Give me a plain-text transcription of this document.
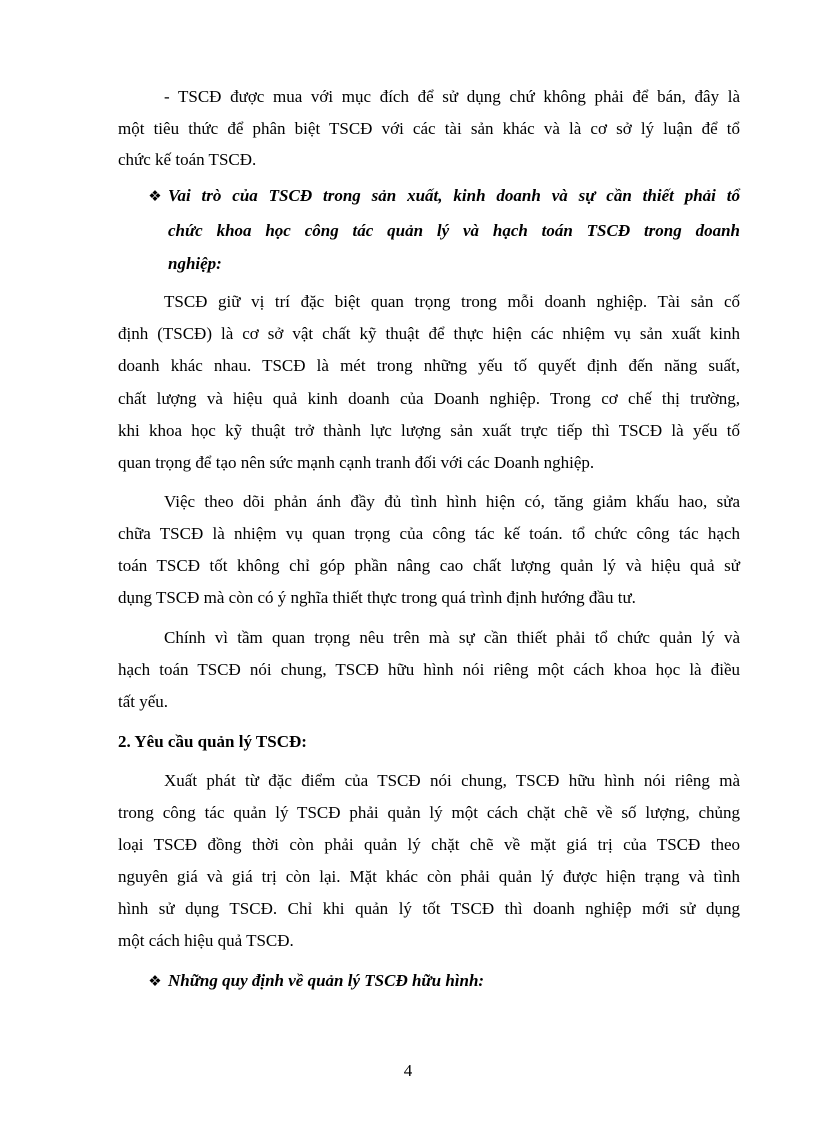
- TSCĐ được mua với mục đích để sử dụng chứ không phải để bán, đây là
một tiêu thức để phân biệt TSCĐ với các tài sản khác và là cơ sở lý luận để tổ
chức kế toán TSCĐ.
❖ Vai trò của TSCĐ trong sản xuất, kinh doanh và sự cần thiết phải tổ
chức khoa học công tác quản lý và hạch toán TSCĐ trong doanh
nghiệp:
TSCĐ giữ vị trí đặc biệt quan trọng trong mỗi doanh nghiệp. Tài sản cố
định (TSCĐ) là cơ sở vật chất kỹ thuật để thực hiện các nhiệm vụ sản xuất kinh
doanh khác nhau. TSCĐ là mét trong những yếu tố quyết định đến năng suất,
chất lượng và hiệu quả kinh doanh của Doanh nghiệp. Trong cơ chế thị trường,
khi khoa học kỹ thuật trở thành lực lượng sản xuất trực tiếp thì TSCĐ là yếu tố
quan trọng để tạo nên sức mạnh cạnh tranh đối với các Doanh nghiệp.
Việc theo dõi phản ánh đầy đủ tình hình hiện có, tăng giảm khấu hao, sửa
chữa TSCĐ là nhiệm vụ quan trọng của công tác kế toán. tổ chức công tác hạch
toán TSCĐ tốt không chỉ góp phần nâng cao chất lượng quản lý và hiệu quả sử
dụng TSCĐ mà còn có ý nghĩa thiết thực trong quá trình định hướng đầu tư.
Chính vì tầm quan trọng nêu trên mà sự cần thiết phải tổ chức quản lý và
hạch toán TSCĐ nói chung, TSCĐ hữu hình nói riêng một cách khoa học là điều
tất yếu.
2. Yêu cầu quản lý TSCĐ:
Xuất phát từ đặc điểm của TSCĐ nói chung, TSCĐ hữu hình nói riêng mà
trong công tác quản lý TSCĐ phải quản lý một cách chặt chẽ về số lượng, chủng
loại TSCĐ đồng thời còn phải quản lý chặt chẽ về mặt giá trị của TSCĐ theo
nguyên giá và giá trị còn lại. Mặt khác còn phải quản lý được hiện trạng và tình
hình sử dụng TSCĐ. Chỉ khi quản lý tốt TSCĐ thì doanh nghiệp mới sử dụng
một cách hiệu quả TSCĐ.
❖ Những quy định về quản lý TSCĐ hữu hình:
4
